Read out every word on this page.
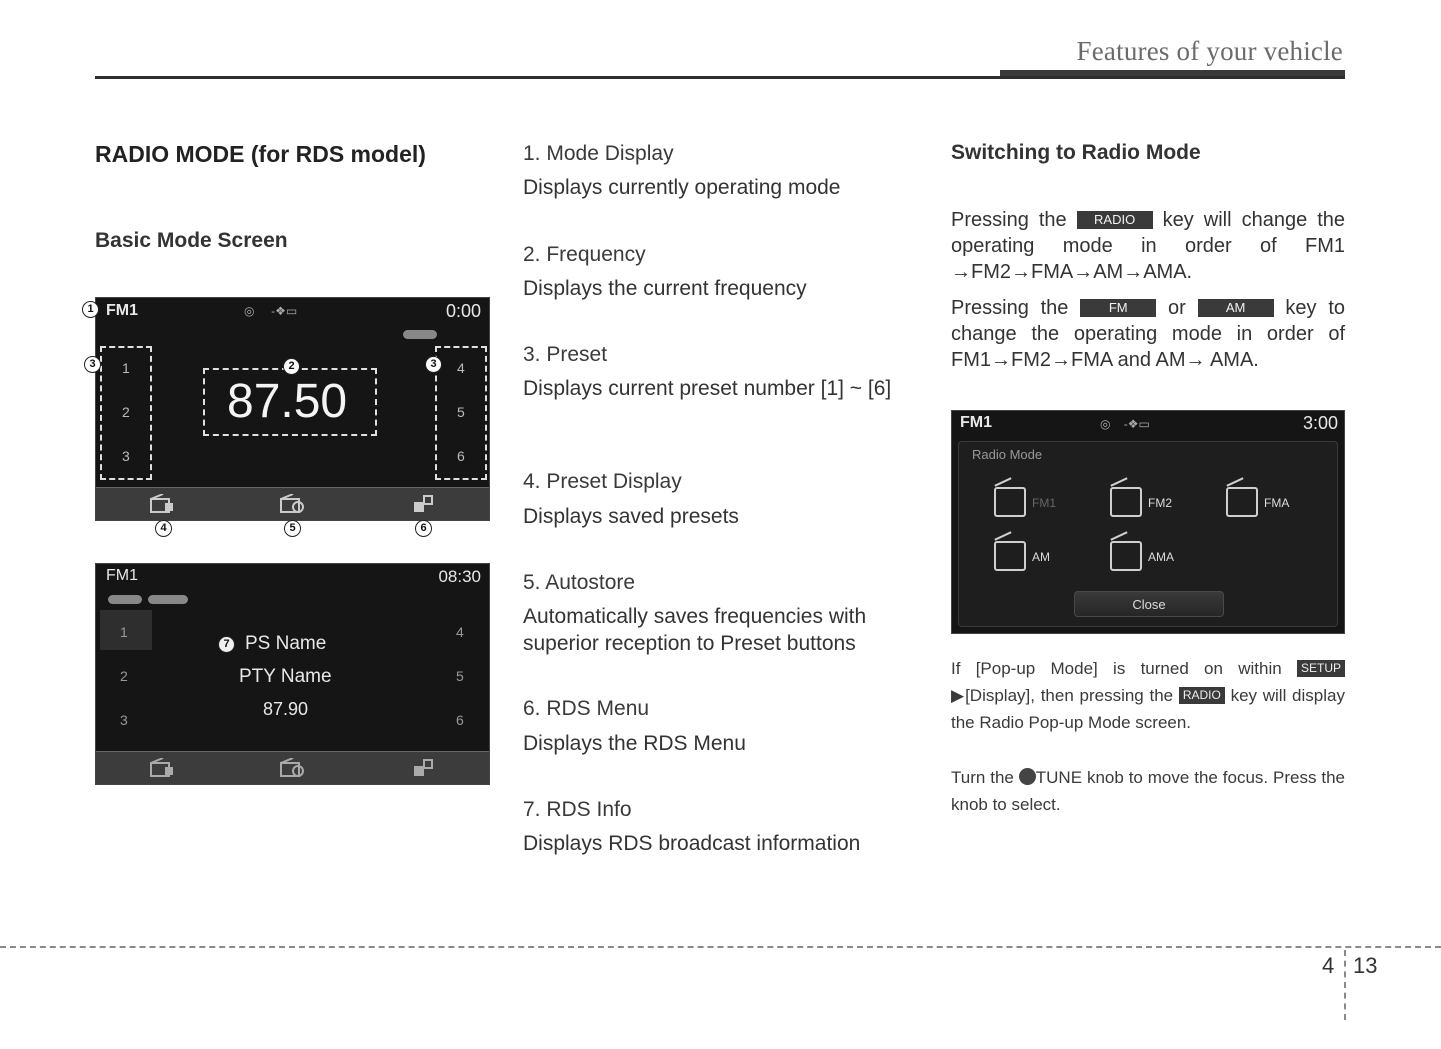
Features of your vehicle
RADIO MODE (for RDS model)
Basic Mode Screen
FM1	◎     -❖▭	0:00
1
2
3
4
5
6
87.50
1
3	2	3
4	5	6
FM1	08:30
1
2
3
4
5
6
7 PS Name
PTY Name
87.90
1. Mode Display
Displays currently operating mode
2. Frequency
Displays the current frequency
3. Preset
Displays current preset number [1] ~ [6]
4. Preset Display
Displays saved presets
5. Autostore
Automatically saves frequencies with superior reception to Preset buttons
6. RDS Menu
Displays the RDS Menu
7. RDS Info
Displays RDS broadcast information
Switching to Radio Mode
Pressing the RADIO key will change the operating mode in order of FM1 →FM2→FMA→AM→AMA.
Pressing the	FM or	AM key to change the operating mode in order of FM1→FM2→FMA and AM→ AMA.
FM1	◎    -❖▭	3:00
Radio Mode
FM1	FM2	FMA
AM	AMA
Close
If [Pop-up Mode] is turned on within SETUP▶[Display], then pressing the RADIO key will display the Radio Pop-up Mode screen.
Turn the TUNE knob to move the focus. Press the knob to select.
4 13
